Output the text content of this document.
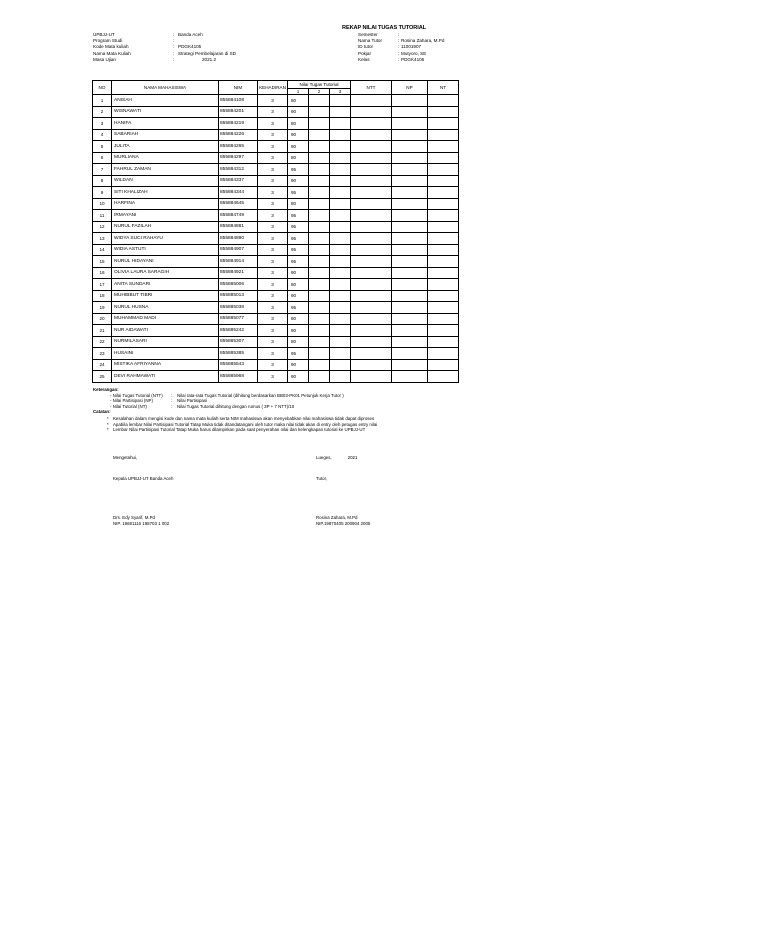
REKAP NILAI TUGAS TUTORIAL
UPBJJ-UT	: Banda Aceh
Program Studi	:
Kode Mata kuliah	: PDGK4105
Nama Mata Kuliah	: Strategi Pembelajaran di SD
Masa Ujian	:	2021.2
Semester	:
Nama Tutor	: Rosina Zahara, M.Pd
ID tutor	: 11001907
Pokjar	: Mutyoro, SE
Kelas	: PDGK4105
NO	NAMA MAHASISWA	NIM	KEHADIRAN	Nilai Tugas Tutorial			NTT	NP	NT
				1	2	3			
1	ANISAH	855884108	3	80					
2	WISNAWATI	855884201	3	90					
3	HANIFA	855884219	3	80					
4	SABARIAH	855884226	3	90					
5	JULITA	855884265	3	90					
6	MURLIANA	855884297	3	80					
7	FAHRUL ZAMAN	855884312	3	95					
8	WILDAN	855884337	3	90					
9	SITI KHALIZAH	855884344	3	95					
10	HARFINA	855884645	3	80					
11	IRMAYANI	855884749	3	95					
12	NURUL FAZILAH	855884881	3	95					
13	WIDYA SUCI RAHAYU	855884890	3	95					
14	WIDIA ASTUTI	855884907	3	95					
15	NURUL HIDAYANI	855884914	3	95					
16	OLIVIA LAURA SARAGIH	855884921	3	90					
17	ANITA SUNDARI	855885006	3	80					
18	MUHIBBUT TIBRI	855885013	3	90					
19	NURUL HUSNA	855885038	3	95					
20	MUHAMMAD MADI	855885077	3	80					
21	NUR AIDAWATI	855885242	3	90					
22	NURMILASARI	855885307	3	80					
23	HUSAINI	855885385	3	95					
24	MISTIKA AFRIYANNA	855885543	3	90					
25	DEVI RAHMAWATI	855885968	3	90					
Keterangan:
- Nilai Tugas Tutorial (NTT)	:	Nilai rata-rata Tugas Tutorial (dihitung berdasarkan BB03-PK01 Petunjuk Kerja Tutor )
- Nilai Partisipasi (NP)	:	Nilai Partisipasi
- Nilai Tutorial (NT)	:	Nilai Tugas Tutorial dihitung dengan rumus ( 3P + 7 NTT)/10
Catatan:
* Kesalahan dalam mengisi kode dan nama mata kuliah serta NIM mahasiswa akan menyebabkan nilai mahasiswa tidak dapat diproses
* Apabila lembar Nilai Partisipasi Tutorial Tatap Muka tidak ditandatangani oleh tutor maka nilai tidak akan di entry oleh petugas entry nilai
* Lembar Nilai Partisipasi Tutorial Tatap Muka harus dilampirkan pada saat penyerahan nilai dan kelengkapan tutorial ke UPBJJ-UT
Mengetahui,	Lueges,	2021
Kepala UPBJJ-UT Banda Aceh	Tutor,
Drs. Edy Syarif, M.Pd
NIP. 19681116 198703 1 002
Rosina Zahara, M.Pd
NIP.19870405 200904 2005
